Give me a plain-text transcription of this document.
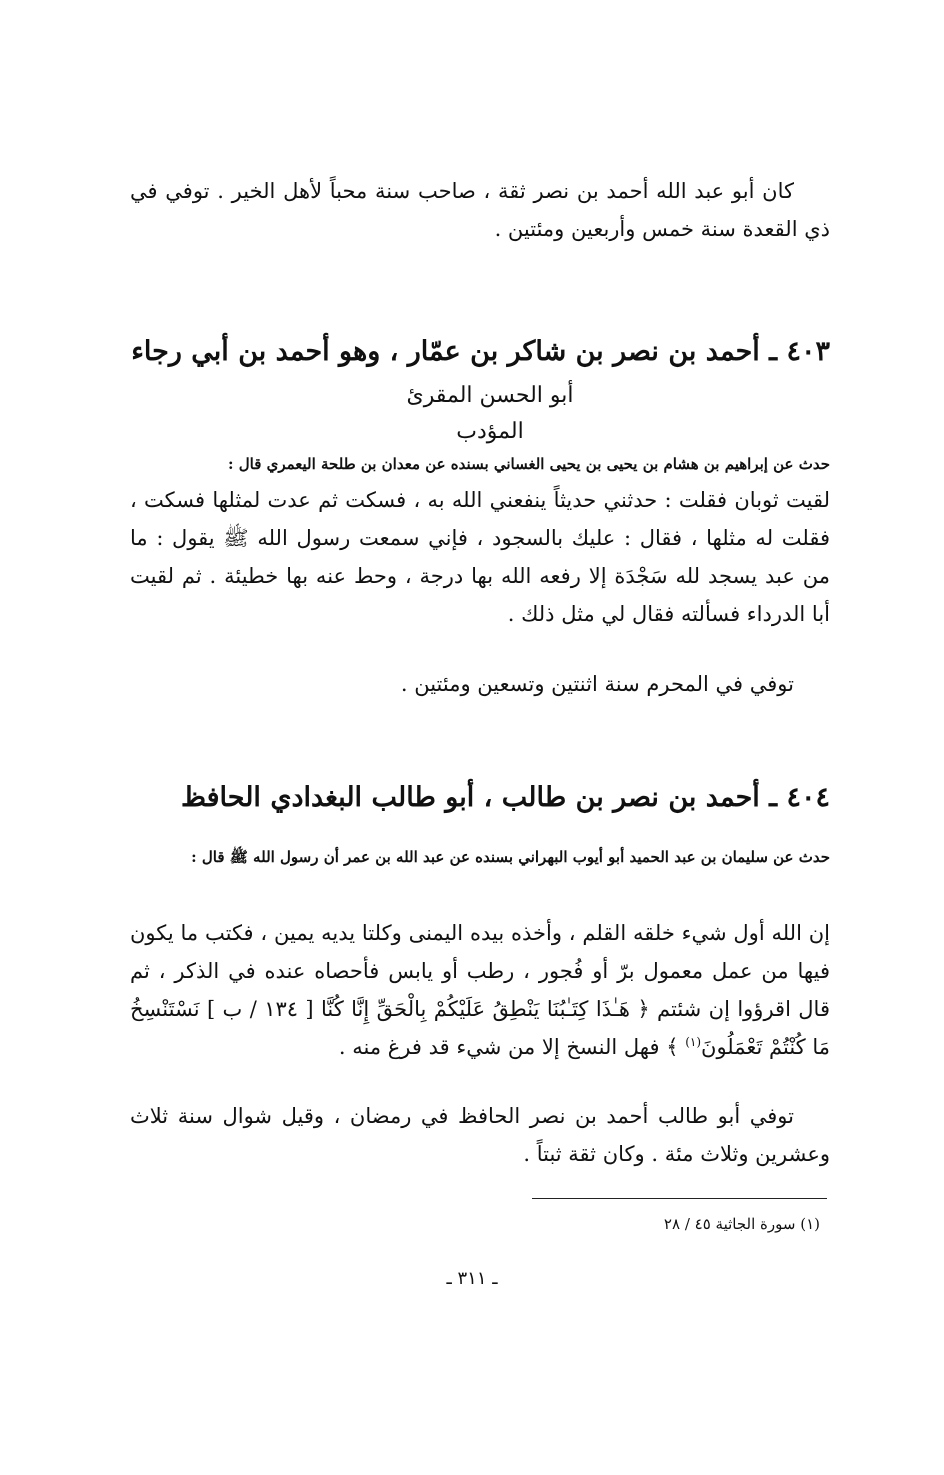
كان أبو عبد الله أحمد بن نصر ثقة ، صاحب سنة محباً لأهل الخير . توفي في ذي القعدة سنة خمس وأربعين ومئتين .

٤٠٣ ـ أحمد بن نصر بن شاكر بن عمّار ، وهو أحمد بن أبي رجاء
أبو الحسن المقرئ المؤدب

حدث عن إبراهيم بن هشام بن يحيى بن يحيى الغساني بسنده عن معدان بن طلحة اليعمري قال :

لقيت ثوبان فقلت : حدثني حديثاً ينفعني الله به ، فسكت ثم عدت لمثلها فسكت ، فقلت له مثلها ، فقال : عليك بالسجود ، فإني سمعت رسول الله ﷺ يقول : ما من عبد يسجد لله سَجْدَة إلا رفعه الله بها درجة ، وحط عنه بها خطيئة . ثم لقيت أبا الدرداء فسألته فقال لي مثل ذلك .

توفي في المحرم سنة اثنتين وتسعين ومئتين .

٤٠٤ ـ أحمد بن نصر بن طالب ، أبو طالب البغدادي الحافظ

حدث عن سليمان بن عبد الحميد أبو أيوب البهراني بسنده عن عبد الله بن عمر أن رسول الله ﷺ قال :

إن الله أول شيء خلقه القلم ، وأخذه بيده اليمنى وكلتا يديه يمين ، فكتب ما يكون فيها من عمل معمول برّ أو فُجور ، رطب أو يابس فأحصاه عنده في الذكر ، ثم قال اقرؤوا إن شئتم ﴿ هَـٰذَا كِتَـٰبُنَا يَنْطِقُ عَلَيْكُمْ بِالْحَقِّ إِنَّا كُنَّا [ ١٣٤ / ب ] نَسْتَنْسِخُ مَا كُنْتُمْ تَعْمَلُونَ$^{(١)}$ ﴾ فهل النسخ إلا من شيء قد فرغ منه .

توفي أبو طالب أحمد بن نصر الحافظ في رمضان ، وقيل شوال سنة ثلاث وعشرين وثلاث مئة . وكان ثقة ثبتاً .

(١) سورة الجاثية ٤٥ / ٢٨

ـ ٣١١ ـ
